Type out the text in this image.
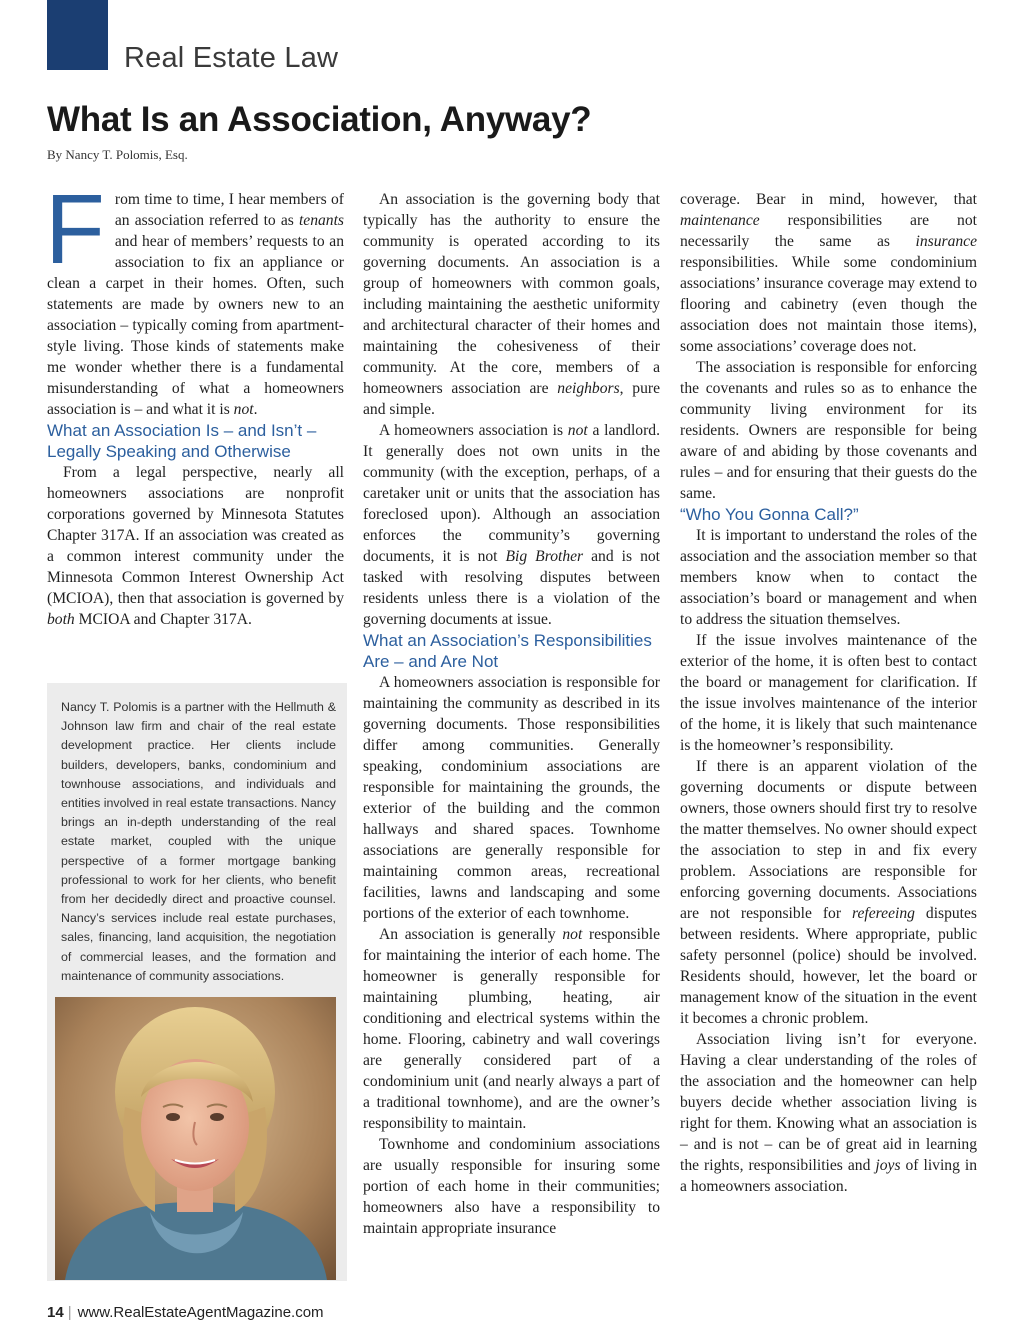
Real Estate Law
What Is an Association, Anyway?
By Nancy T. Polomis, Esq.

From time to time, I hear members of an association referred to as tenants and hear of members’ requests to an association to fix an appliance or clean a carpet in their homes. Often, such statements are made by owners new to an association – typically coming from apartment-style living. Those kinds of statements make me wonder whether there is a fundamental misunderstanding of what a homeowners association is – and what it is not.

What an Association Is – and Isn’t – Legally Speaking and Otherwise

From a legal perspective, nearly all homeowners associations are nonprofit corporations governed by Minnesota Statutes Chapter 317A. If an association was created as a common interest community under the Minnesota Common Interest Ownership Act (MCIOA), then that association is governed by both MCIOA and Chapter 317A.

Nancy T. Polomis is a partner with the Hellmuth & Johnson law firm and chair of the real estate development practice. Her clients include builders, developers, banks, condominium and townhouse associations, and individuals and entities involved in real estate transactions. Nancy brings an in-depth understanding of the real estate market, coupled with the unique perspective of a former mortgage banking professional to work for her clients, who benefit from her decidedly direct and proactive counsel. Nancy’s services include real estate purchases, sales, financing, land acquisition, the negotiation of commercial leases, and the formation and maintenance of community associations.

An association is the governing body that typically has the authority to ensure the community is operated according to its governing documents. An association is a group of homeowners with common goals, including maintaining the aesthetic uniformity and architectural character of their homes and maintaining the cohesiveness of their community. At the core, members of a homeowners association are neighbors, pure and simple.

A homeowners association is not a landlord. It generally does not own units in the community (with the exception, perhaps, of a caretaker unit or units that the association has foreclosed upon). Although an association enforces the community’s governing documents, it is not Big Brother and is not tasked with resolving disputes between residents unless there is a violation of the governing documents at issue.

What an Association’s Responsibilities Are – and Are Not

A homeowners association is responsible for maintaining the community as described in its governing documents. Those responsibilities differ among communities. Generally speaking, condominium associations are responsible for maintaining the grounds, the exterior of the building and the common hallways and shared spaces. Townhome associations are generally responsible for maintaining common areas, recreational facilities, lawns and landscaping and some portions of the exterior of each townhome.

An association is generally not responsible for maintaining the interior of each home. The homeowner is generally responsible for maintaining plumbing, heating, air conditioning and electrical systems within the home. Flooring, cabinetry and wall coverings are generally considered part of a condominium unit (and nearly always a part of a traditional townhome), and are the owner’s responsibility to maintain.

Townhome and condominium associations are usually responsible for insuring some portion of each home in their communities; homeowners also have a responsibility to maintain appropriate insurance

coverage. Bear in mind, however, that maintenance responsibilities are not necessarily the same as insurance responsibilities. While some condominium associations’ insurance coverage may extend to flooring and cabinetry (even though the association does not maintain those items), some associations’ coverage does not.

The association is responsible for enforcing the covenants and rules so as to enhance the community living environment for its residents. Owners are responsible for being aware of and abiding by those covenants and rules – and for ensuring that their guests do the same.

“Who You Gonna Call?”

It is important to understand the roles of the association and the association member so that members know when to contact the association’s board or management and when to address the situation themselves.

If the issue involves maintenance of the exterior of the home, it is often best to contact the board or management for clarification. If the issue involves maintenance of the interior of the home, it is likely that such maintenance is the homeowner’s responsibility.

If there is an apparent violation of the governing documents or dispute between owners, those owners should first try to resolve the matter themselves. No owner should expect the association to step in and fix every problem. Associations are responsible for enforcing governing documents. Associations are not responsible for refereeing disputes between residents. Where appropriate, public safety personnel (police) should be involved. Residents should, however, let the board or management know of the situation in the event it becomes a chronic problem.

Association living isn’t for everyone. Having a clear understanding of the roles of the association and the homeowner can help buyers decide whether association living is right for them. Knowing what an association is – and is not – can be of great aid in learning the rights, responsibilities and joys of living in a homeowners association.

14 | www.RealEstateAgentMagazine.com
